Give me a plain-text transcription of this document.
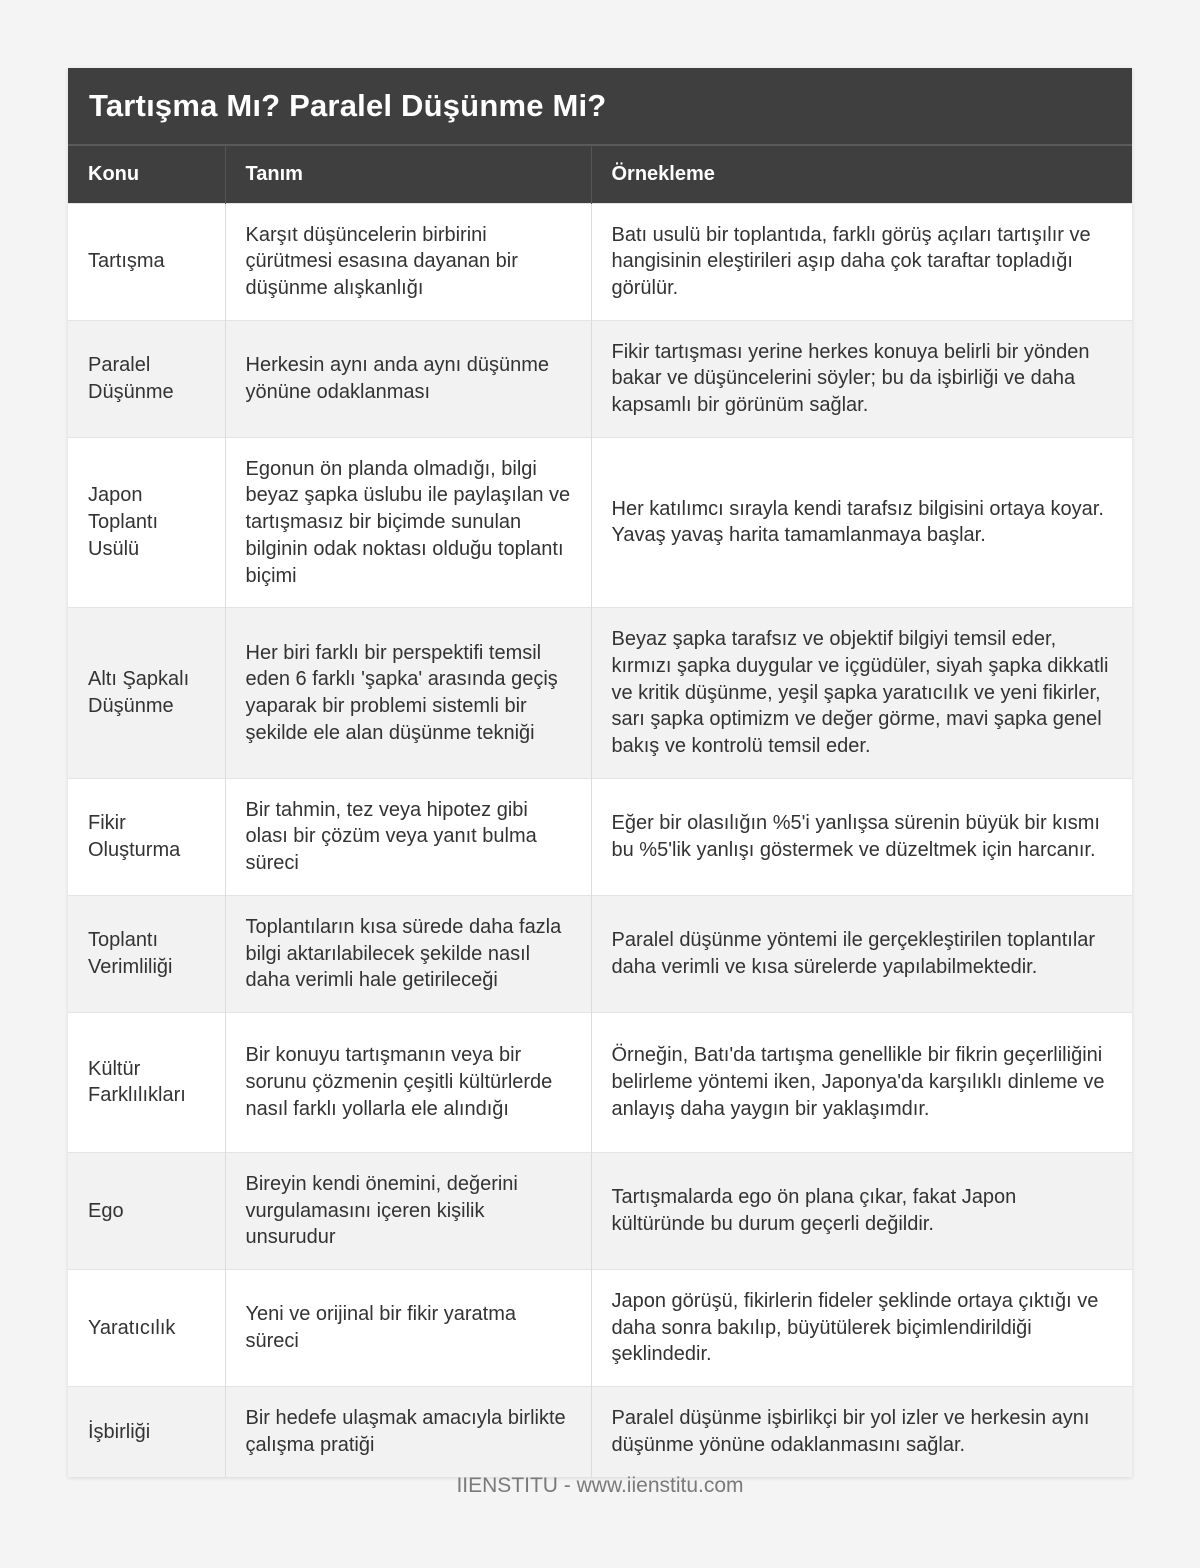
Tartışma Mı? Paralel Düşünme Mi?
Konu	Tanım	Örnekleme
Tartışma	Karşıt düşüncelerin birbirini çürütmesi esasına dayanan bir düşünme alışkanlığı	Batı usulü bir toplantıda, farklı görüş açıları tartışılır ve hangisinin eleştirileri aşıp daha çok taraftar topladığı görülür.
Paralel Düşünme	Herkesin aynı anda aynı düşünme yönüne odaklanması	Fikir tartışması yerine herkes konuya belirli bir yönden bakar ve düşüncelerini söyler; bu da işbirliği ve daha kapsamlı bir görünüm sağlar.
Japon Toplantı Usülü	Egonun ön planda olmadığı, bilgi beyaz şapka üslubu ile paylaşılan ve tartışmasız bir biçimde sunulan bilginin odak noktası olduğu toplantı biçimi	Her katılımcı sırayla kendi tarafsız bilgisini ortaya koyar. Yavaş yavaş harita tamamlanmaya başlar.
Altı Şapkalı Düşünme	Her biri farklı bir perspektifi temsil eden 6 farklı 'şapka' arasında geçiş yaparak bir problemi sistemli bir şekilde ele alan düşünme tekniği	Beyaz şapka tarafsız ve objektif bilgiyi temsil eder, kırmızı şapka duygular ve içgüdüler, siyah şapka dikkatli ve kritik düşünme, yeşil şapka yaratıcılık ve yeni fikirler, sarı şapka optimizm ve değer görme, mavi şapka genel bakış ve kontrolü temsil eder.
Fikir Oluşturma	Bir tahmin, tez veya hipotez gibi olası bir çözüm veya yanıt bulma süreci	Eğer bir olasılığın %5'i yanlışsa sürenin büyük bir kısmı bu %5'lik yanlışı göstermek ve düzeltmek için harcanır.
Toplantı Verimliliği	Toplantıların kısa sürede daha fazla bilgi aktarılabilecek şekilde nasıl daha verimli hale getirileceği	Paralel düşünme yöntemi ile gerçekleştirilen toplantılar daha verimli ve kısa sürelerde yapılabilmektedir.
Kültür Farklılıkları	Bir konuyu tartışmanın veya bir sorunu çözmenin çeşitli kültürlerde nasıl farklı yollarla ele alındığı	Örneğin, Batı'da tartışma genellikle bir fikrin geçerliliğini belirleme yöntemi iken, Japonya'da karşılıklı dinleme ve anlayış daha yaygın bir yaklaşımdır.
Ego	Bireyin kendi önemini, değerini vurgulamasını içeren kişilik unsurudur	Tartışmalarda ego ön plana çıkar, fakat Japon kültüründe bu durum geçerli değildir.
Yaratıcılık	Yeni ve orijinal bir fikir yaratma süreci	Japon görüşü, fikirlerin fideler şeklinde ortaya çıktığı ve daha sonra bakılıp, büyütülerek biçimlendirildiği şeklindedir.
İşbirliği	Bir hedefe ulaşmak amacıyla birlikte çalışma pratiği	Paralel düşünme işbirlikçi bir yol izler ve herkesin aynı düşünme yönüne odaklanmasını sağlar.
IIENSTITU - www.iienstitu.com
